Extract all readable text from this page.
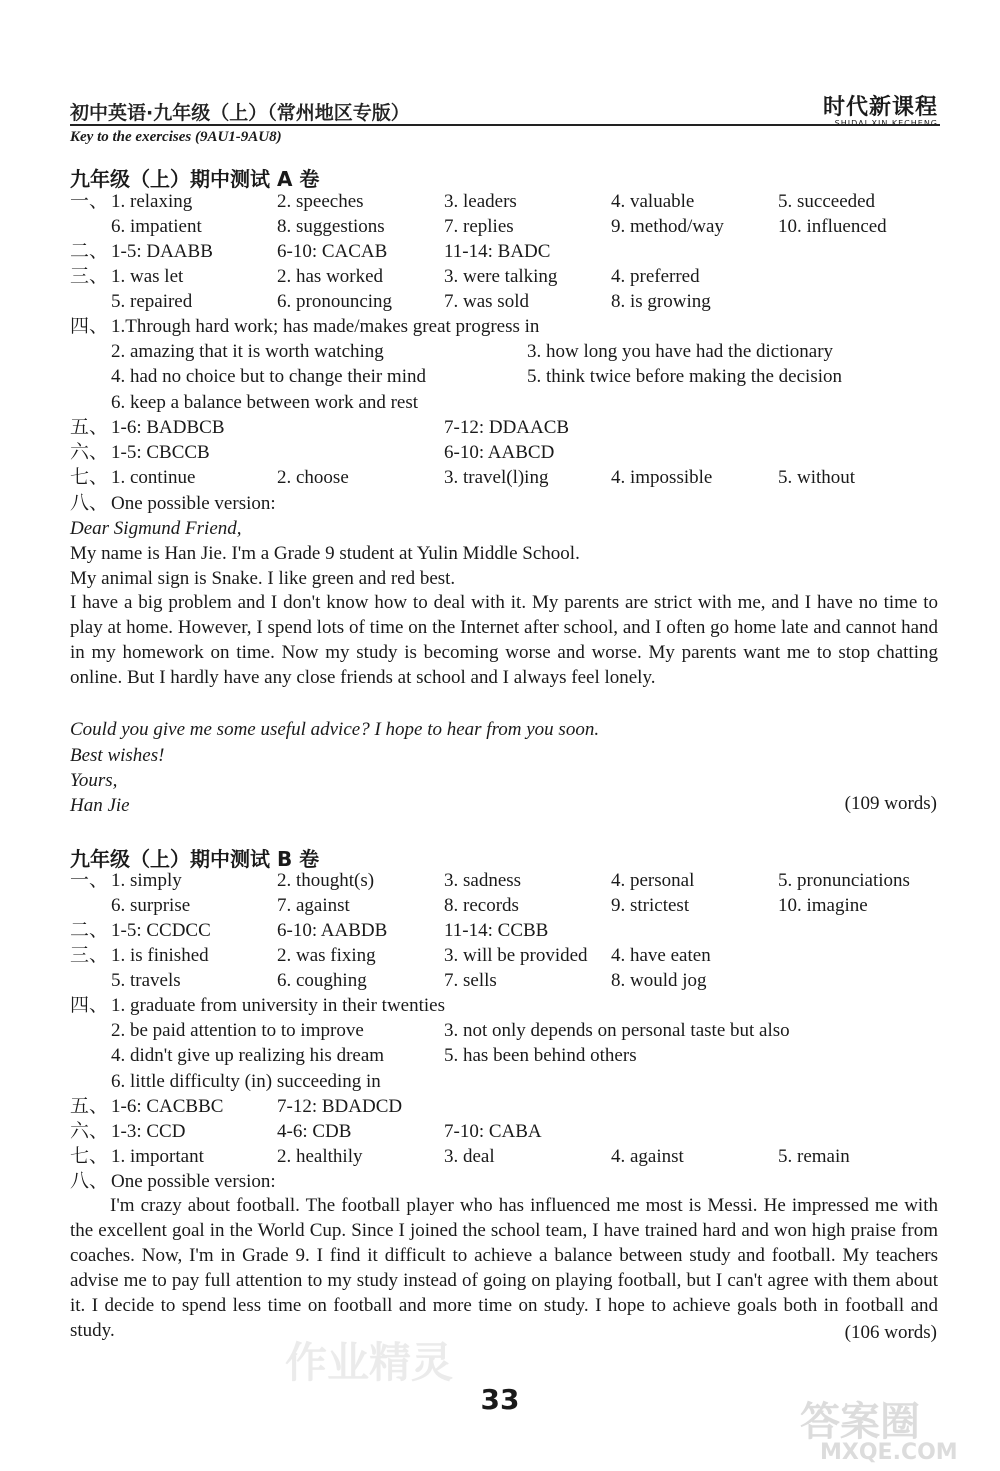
初中英语·九年级（上）（常州地区专版）	时代新课程
SHIDAI XIN KECHENG
Key to the exercises (9AU1-9AU8)
九年级（上）期中测试 A 卷
一、 1. relaxing	2. speeches	3. leaders	4. valuable	5. succeeded
6. impatient	8. suggestions	7. replies	9. method/way	10. influenced
二、 1-5: DAABB	6-10: CACAB	11-14: BADC
三、 1. was let	2. has worked	3. were talking	4. preferred
5. repaired	6. pronouncing	7. was sold	8. is growing
四、 1.Through hard work; has made/makes great progress in
2. amazing that it is worth watching	3. how long you have had the dictionary
4. had no choice but to change their mind	5. think twice before making the decision
6. keep a balance between work and rest
五、 1-6: BADBCB	7-12: DDAACB
六、 1-5: CBCCB	6-10: AABCD
七、 1. continue	2. choose	3. travel(l)ing	4. impossible	5. without
八、 One possible version:
Dear Sigmund Friend,
My name is Han Jie. I'm a Grade 9 student at Yulin Middle School.
My animal sign is Snake. I like green and red best.

I have a big problem and I don't know how to deal with it. My parents are strict with me, and I have no time to play at home. However, I spend lots of time on the Internet after school, and I often go home late and cannot hand in my homework on time. Now my study is becoming worse and worse. My parents want me to stop chatting online. But I hardly have any close friends at school and I always feel lonely.

Could you give me some useful advice? I hope to hear from you soon.
Best wishes!
Yours,
Han Jie	(109 words)
九年级（上）期中测试 B 卷
一、 1. simply	2. thought(s)	3. sadness	4. personal	5. pronunciations
6. surprise	7. against	8. records	9. strictest	10. imagine
二、 1-5: CCDCC	6-10: AABDB	11-14: CCBB
三、 1. is finished	2. was fixing	3. will be provided 4. have eaten
5. travels	6. coughing	7. sells	8. would jog
四、 1. graduate from university in their twenties
2. be paid attention to to improve	3. not only depends on personal taste but also
4. didn't give up realizing his dream	5. has been behind others
6. little difficulty (in) succeeding in
五、 1-6: CACBBC	7-12: BDADCD
六、 1-3: CCD	4-6: CDB	7-10: CABA
七、 1. important	2. healthily	3. deal	4. against	5. remain
八、 One possible version:

I'm crazy about football. The football player who has influenced me most is Messi. He impressed me with the excellent goal in the World Cup. Since I joined the school team, I have trained hard and won high praise from coaches. Now, I'm in Grade 9. I find it difficult to achieve a balance between study and football. My teachers advise me to pay full attention to my study instead of going on playing football, but I can't agree with them about it. I decide to spend less time on football and more time on study. I hope to achieve goals both in football and study.	(106 words)
33
作业精灵
答案圈
MXQE.COM
